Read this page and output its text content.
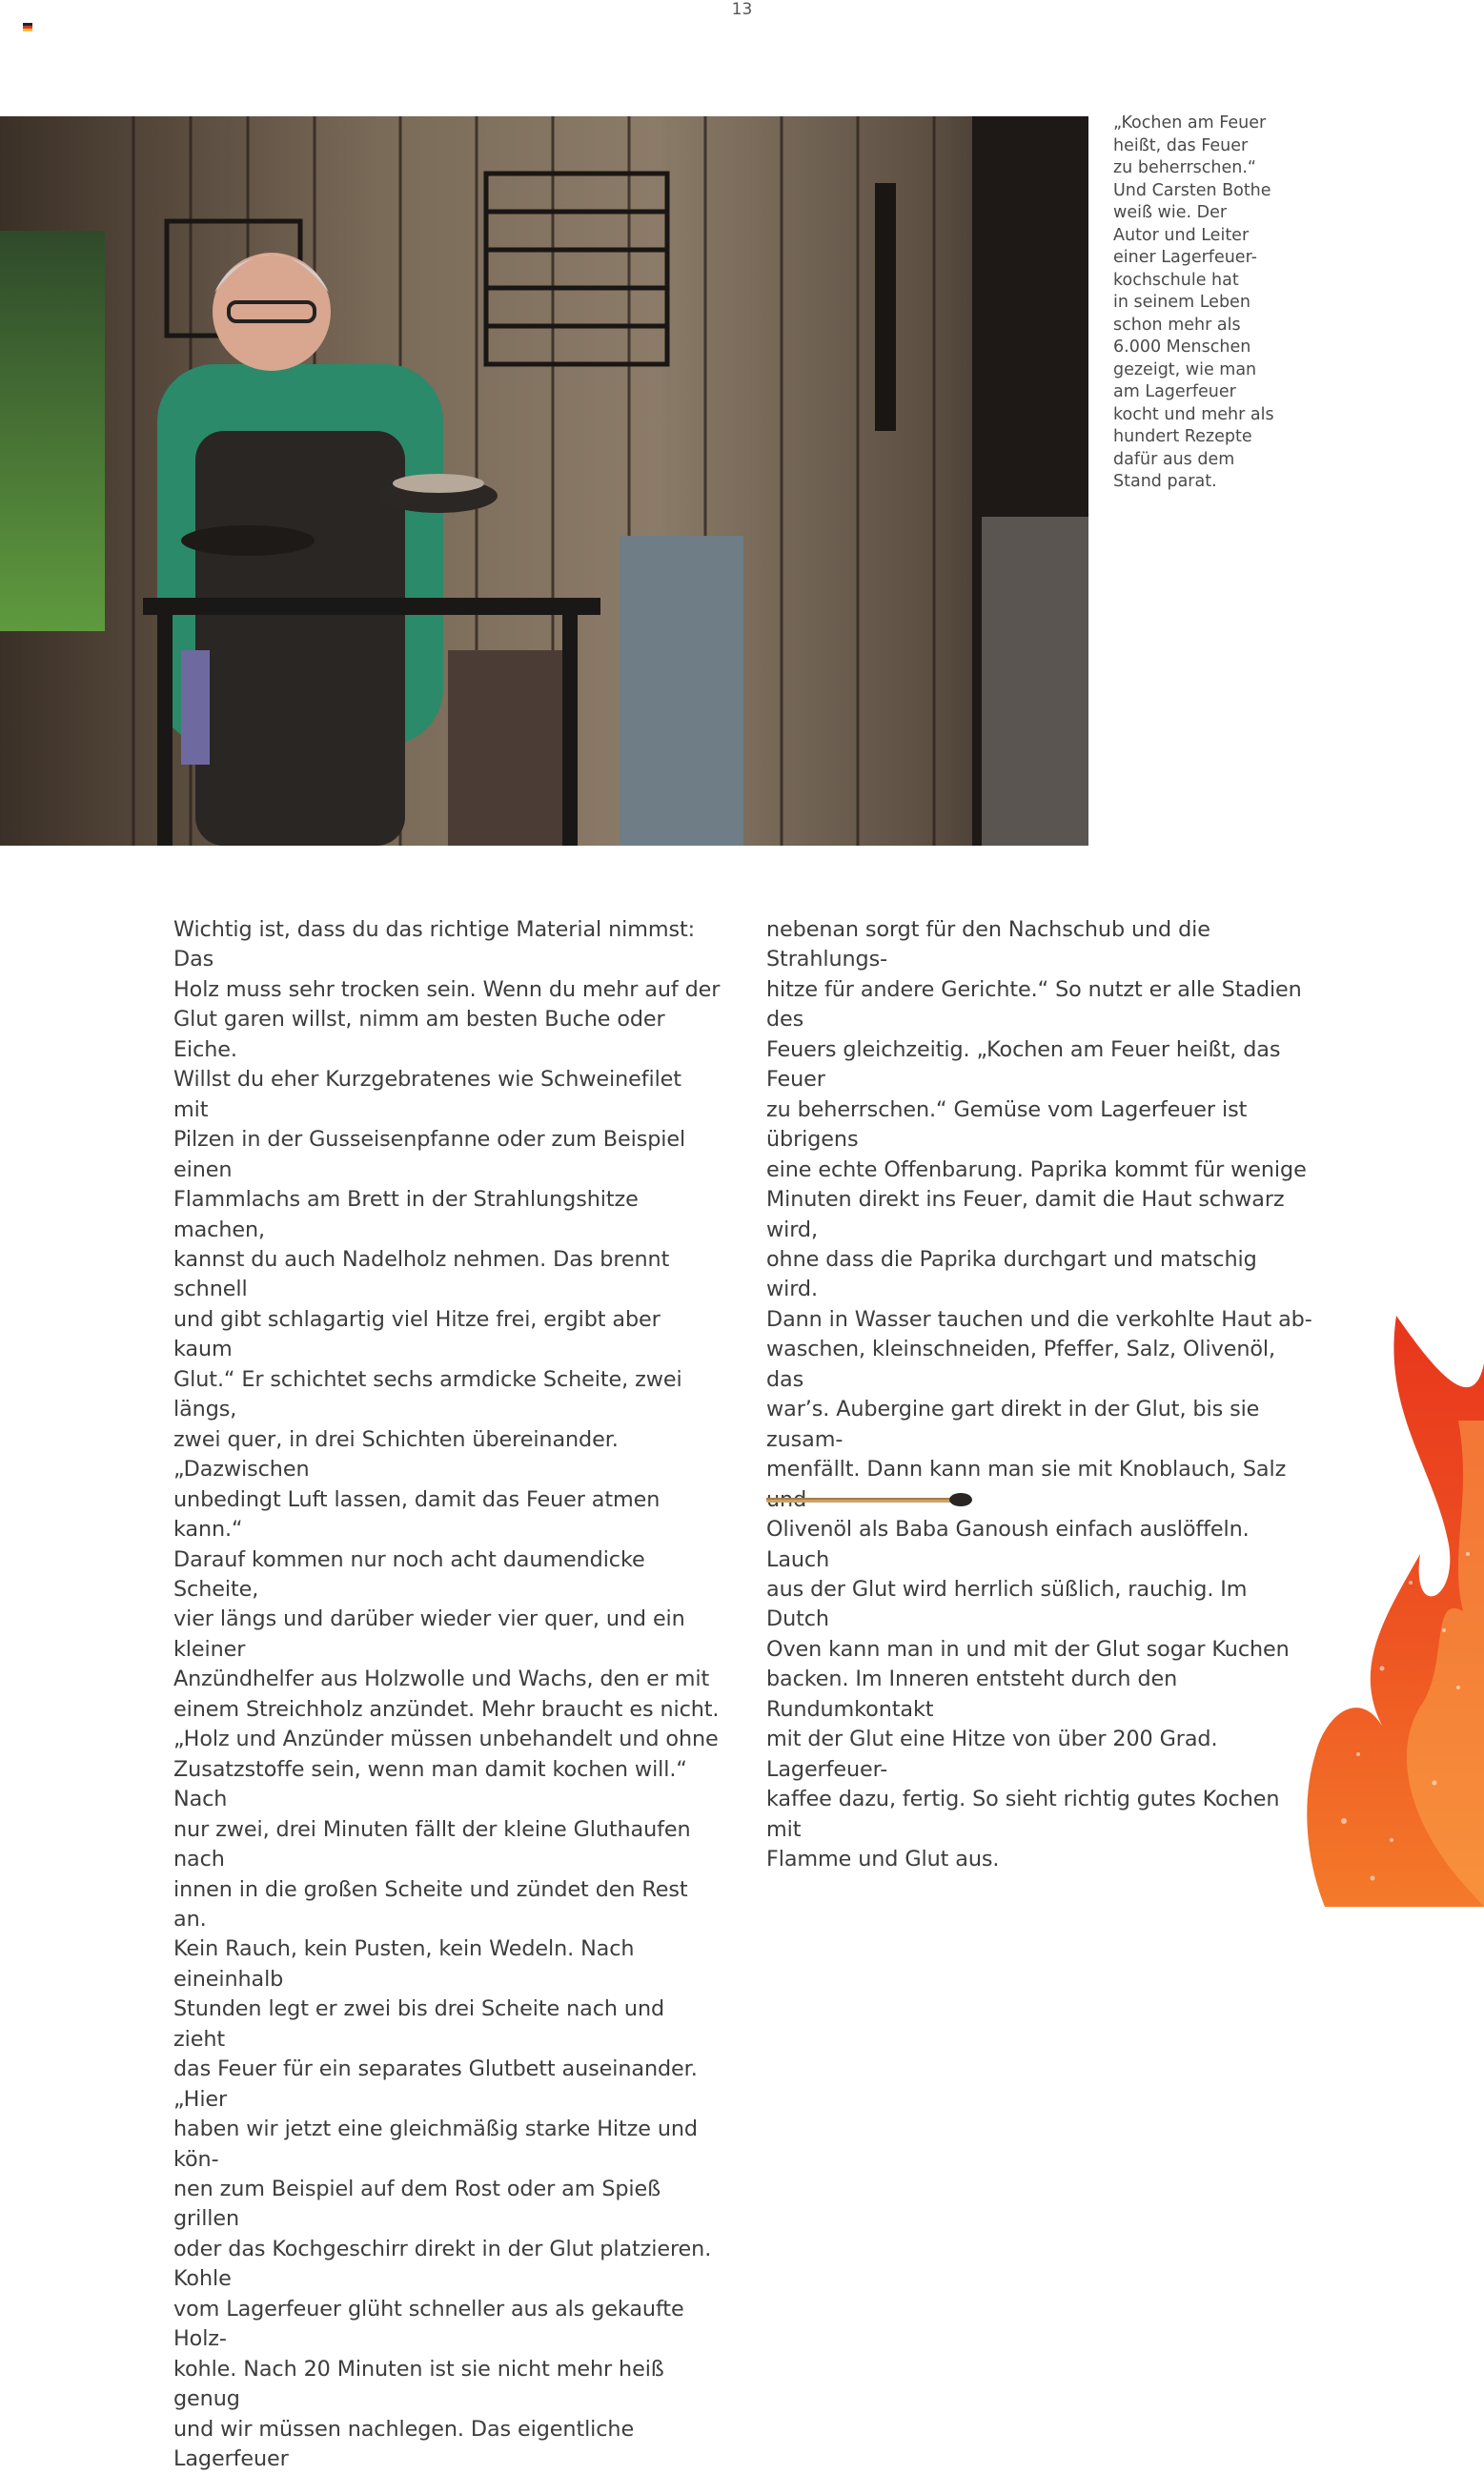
13
„Kochen am Feuer
heißt, das Feuer
zu beherrschen.“
Und Carsten Bothe
weiß wie. Der
Autor und Leiter
einer Lagerfeuer-
kochschule hat
in seinem Leben
schon mehr als
6.000 Menschen
gezeigt, wie man
am Lagerfeuer
kocht und mehr als
hundert Rezepte
dafür aus dem
Stand parat.
Wichtig ist, dass du das richtige Material nimmst: Das
Holz muss sehr trocken sein. Wenn du mehr auf der
Glut garen willst, nimm am besten Buche oder Eiche.
Willst du eher Kurzgebratenes wie Schweinefilet mit
Pilzen in der Gusseisenpfanne oder zum Beispiel einen
Flammlachs am Brett in der Strahlungshitze machen,
kannst du auch Nadelholz nehmen. Das brennt schnell
und gibt schlagartig viel Hitze frei, ergibt aber kaum
Glut.“ Er schichtet sechs armdicke Scheite, zwei längs,
zwei quer, in drei Schichten übereinander. „Dazwischen
unbedingt Luft lassen, damit das Feuer atmen kann.“
Darauf kommen nur noch acht daumendicke Scheite,
vier längs und darüber wieder vier quer, und ein kleiner
Anzündhelfer aus Holzwolle und Wachs, den er mit
einem Streichholz anzündet. Mehr braucht es nicht.
„Holz und Anzünder müssen unbehandelt und ohne
Zusatzstoffe sein, wenn man damit kochen will.“ Nach
nur zwei, drei Minuten fällt der kleine Gluthaufen nach
innen in die großen Scheite und zündet den Rest an.
Kein Rauch, kein Pusten, kein Wedeln. Nach eineinhalb
Stunden legt er zwei bis drei Scheite nach und zieht
das Feuer für ein separates Glutbett auseinander. „Hier
haben wir jetzt eine gleichmäßig starke Hitze und kön-
nen zum Beispiel auf dem Rost oder am Spieß grillen
oder das Kochgeschirr direkt in der Glut platzieren. Kohle
vom Lagerfeuer glüht schneller aus als gekaufte Holz-
kohle. Nach 20 Minuten ist sie nicht mehr heiß genug
und wir müssen nachlegen. Das eigentliche Lagerfeuer
nebenan sorgt für den Nachschub und die Strahlungs-
hitze für andere Gerichte.“ So nutzt er alle Stadien des
Feuers gleichzeitig. „Kochen am Feuer heißt, das Feuer
zu beherrschen.“ Gemüse vom Lagerfeuer ist übrigens
eine echte Offenbarung. Paprika kommt für wenige
Minuten direkt ins Feuer, damit die Haut schwarz wird,
ohne dass die Paprika durchgart und matschig wird.
Dann in Wasser tauchen und die verkohlte Haut ab-
waschen, kleinschneiden, Pfeffer, Salz, Olivenöl, das
war’s. Aubergine gart direkt in der Glut, bis sie zusam-
menfällt. Dann kann man sie mit Knoblauch, Salz
Olivenöl als Baba Ganoush einfach auslöffeln. Lauch
aus der Glut wird herrlich süßlich, rauchig. Im Dutch
Oven kann man in und mit der Glut sogar Kuchen
backen. Im Inneren entsteht durch den Rundumkontakt
mit der Glut eine Hitze von über 200 Grad. Lagerfeuer-
kaffee dazu, fertig. So sieht richtig gutes Kochen mit
Flamme und Glut aus.
